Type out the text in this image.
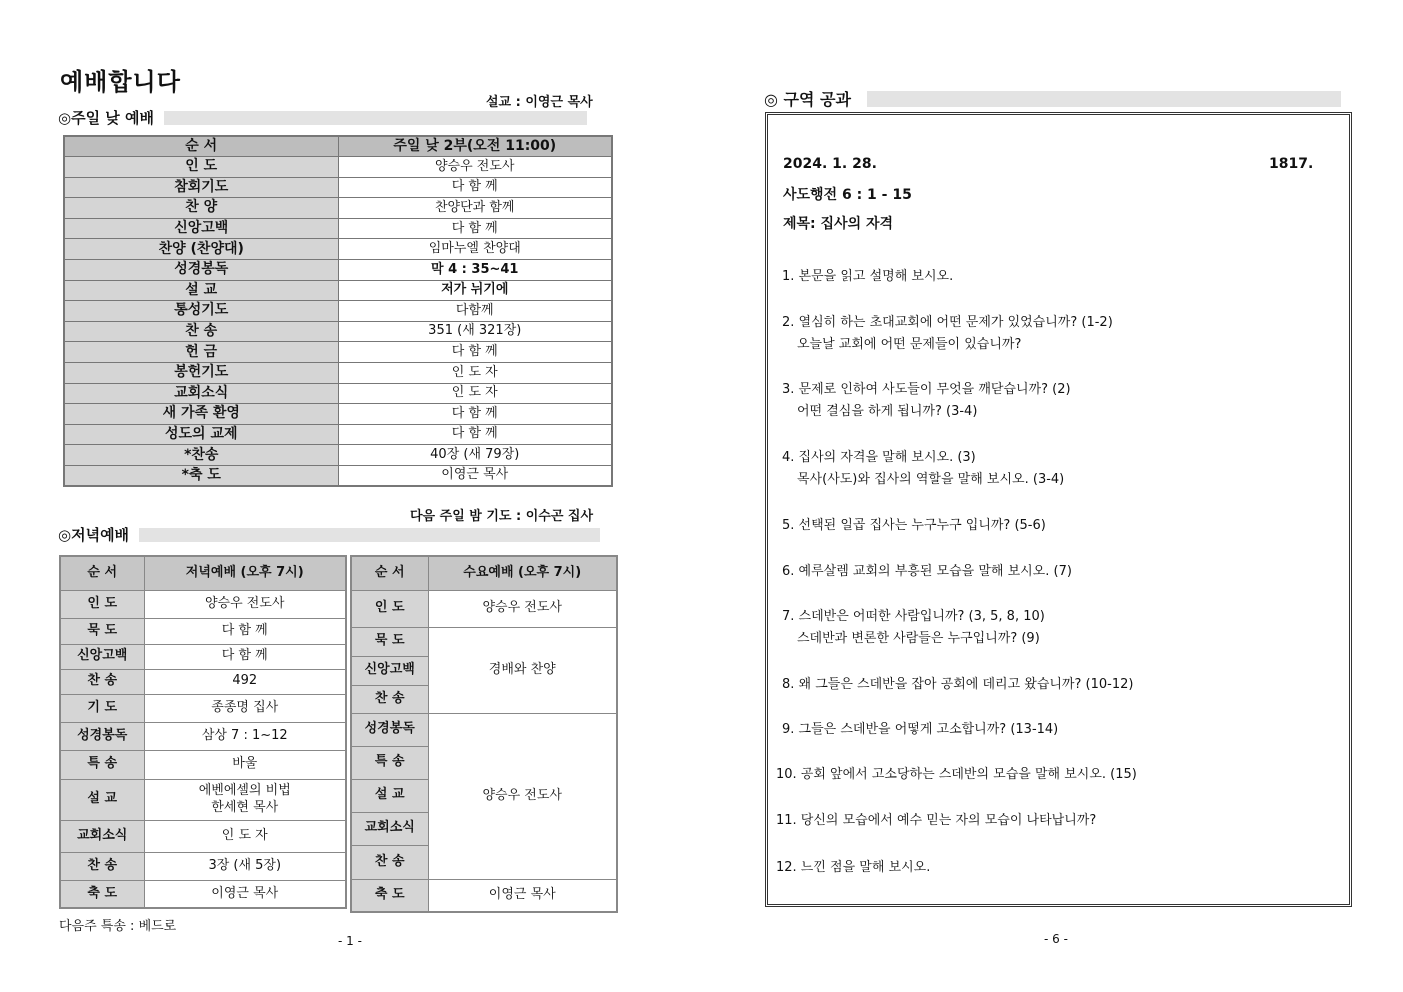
예배합니다
설교 : 이영근 목사
◎주일 낮 예배
순 서	주일 낮 2부(오전 11:00)
인 도	양승우 전도사
참회기도	다 함 께
찬 양	찬양단과 함께
신앙고백	다 함 께
찬양 (찬양대)	임마누엘 찬양대
성경봉독	막 4 : 35~41
설 교	저가 뉘기에
통성기도	다함께
찬 송	351 (새 321장)
헌 금	다 함 께
봉헌기도	인 도 자
교회소식	인 도 자
새 가족 환영	다 함 께
성도의 교제	다 함 께
*찬송	40장 (새 79장)
*축 도	이영근 목사
다음 주일 밤 기도 : 이수곤 집사
◎저녁예배
순 서	저녁예배 (오후 7시)
인 도	양승우 전도사
묵 도	다 함 께
신앙고백	다 함 께
찬 송	492
기 도	종종명 집사
성경봉독	삼상 7 : 1~12
특 송	바울
설 교	에벤에셀의 비법
한세현 목사

교회소식	인 도 자
찬 송	3장 (새 5장)
축 도	이영근 목사
순 서	수요예배 (오후 7시)
인 도	양승우 전도사
묵 도	경배와 찬양
신앙고백	
찬 송	
성경봉독	양승우 전도사
특 송	
설 교	
교회소식	
찬 송	
축 도	이영근 목사
다음주 특송 : 베드로
- 1 -
◎ 구역 공과
2024. 1. 28.	1817.
사도행전 6 : 1 - 15
제목: 집사의 자격
1. 본문을 읽고 설명해 보시오.
2. 열심히 하는 초대교회에 어떤 문제가 있었습니까? (1-2)
오늘날 교회에 어떤 문제들이 있습니까?
3. 문제로 인하여 사도들이 무엇을 깨닫습니까? (2)
어떤 결심을 하게 됩니까? (3-4)
4. 집사의 자격을 말해 보시오. (3)
목사(사도)와 집사의 역할을 말해 보시오. (3-4)
5. 선택된 일곱 집사는 누구누구 입니까? (5-6)
6. 예루살렘 교회의 부흥된 모습을 말해 보시오. (7)
7. 스데반은 어떠한 사람입니까? (3, 5, 8, 10)
스데반과 변론한 사람들은 누구입니까? (9)
8. 왜 그들은 스데반을 잡아 공회에 데리고 왔습니까? (10-12)
9. 그들은 스데반을 어떻게 고소합니까? (13-14)
10. 공회 앞에서 고소당하는 스데반의 모습을 말해 보시오. (15)
11. 당신의 모습에서 예수 믿는 자의 모습이 나타납니까?
12. 느낀 점을 말해 보시오.
- 6 -
